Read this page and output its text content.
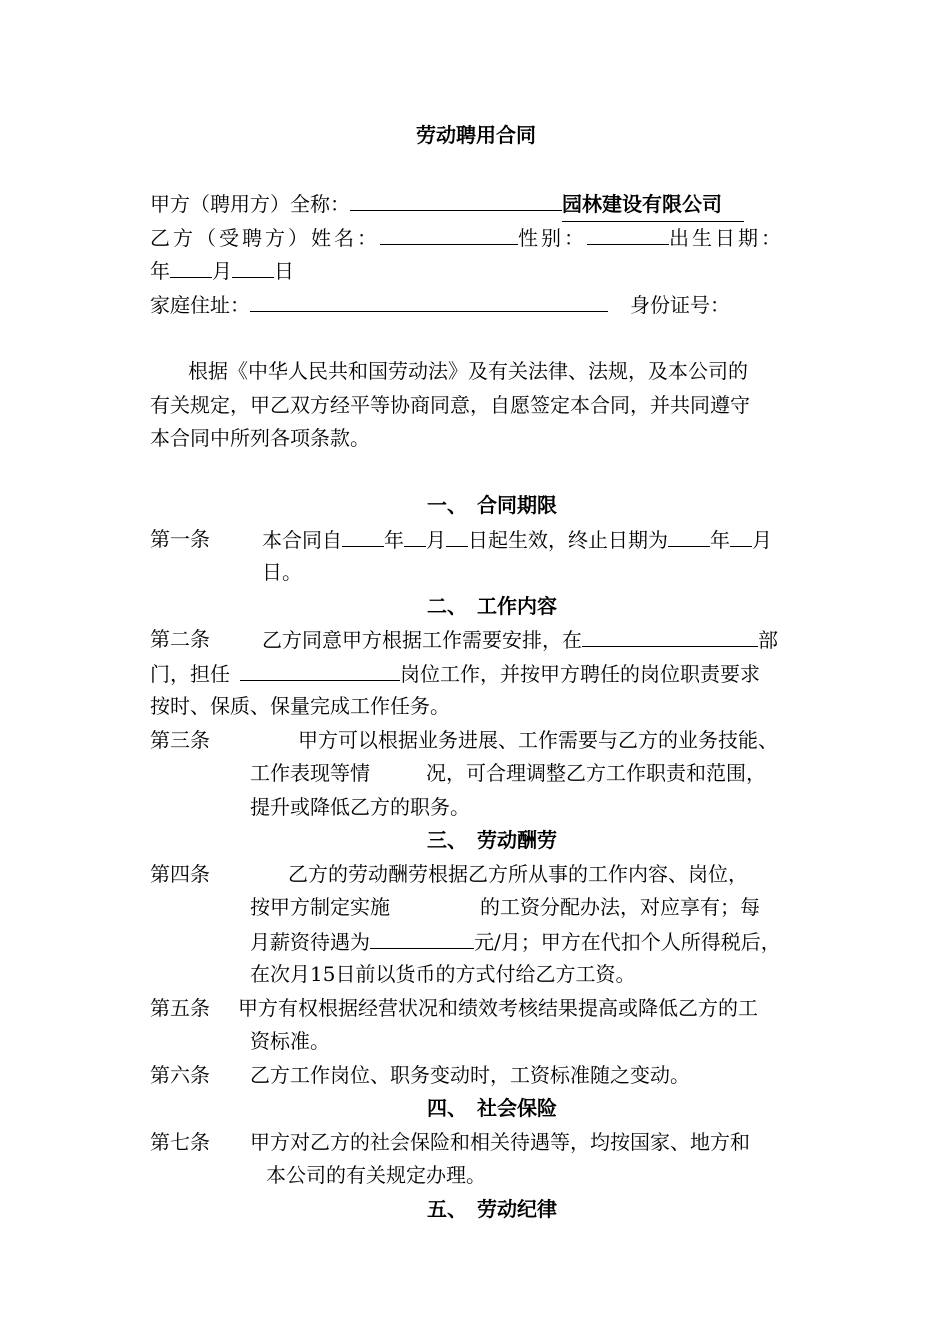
劳动聘用合同
甲方（聘用方）全称：	园林建设有限公司
乙方（受聘方）姓名：	性别：	出生日期：
年 月 日
家庭住址：	身份证号：
根据《中华人民共和国劳动法》及有关法律、法规，及本公司的
有关规定，甲乙双方经平等协商同意，自愿签定本合同，并共同遵守
本合同中所列各项条款。
一、　合同期限
第一条	本合同自 年 月 日起生效，终止日期为 年 月
日。
二、　工作内容
第二条	乙方同意甲方根据工作需要安排，在	部
门，担任	岗位工作，并按甲方聘任的岗位职责要求
按时、保质、保量完成工作任务。
第三条	甲方可以根据业务进展、工作需要与乙方的业务技能、
工作表现等情	况，可合理调整乙方工作职责和范围，
提升或降低乙方的职务。
三、　劳动酬劳
第四条	乙方的劳动酬劳根据乙方所从事的工作内容、岗位，
按甲方制定实施	的工资分配办法，对应享有；每
月薪资待遇为	元/月；甲方在代扣个人所得税后，
在次月15日前以货币的方式付给乙方工资。
第五条 甲方有权根据经营状况和绩效考核结果提高或降低乙方的工
资标准。
第六条 乙方工作岗位、职务变动时，工资标准随之变动。
四、　社会保险
第七条 甲方对乙方的社会保险和相关待遇等，均按国家、地方和
本公司的有关规定办理。
五、　劳动纪律
